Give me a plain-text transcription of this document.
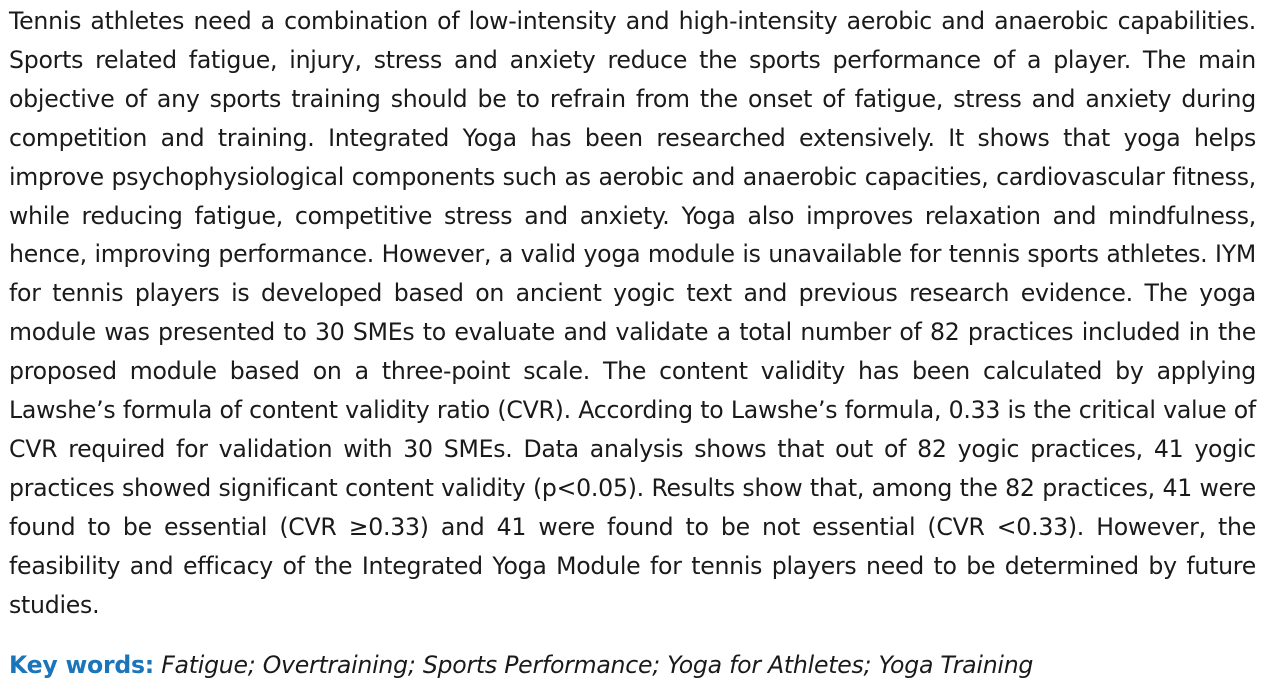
Tennis athletes need a combination of low-intensity and high-intensity aerobic and anaerobic capabilities. Sports related fatigue, injury, stress and anxiety reduce the sports performance of a player. The main objective of any sports training should be to refrain from the onset of fatigue, stress and anxiety during competition and training. Integrated Yoga has been researched extensively. It shows that yoga helps improve psychophysiological components such as aerobic and anaerobic capacities, cardiovascular fitness, while reducing fatigue, competitive stress and anxiety. Yoga also improves relaxation and mindfulness, hence, improving performance. However, a valid yoga module is unavailable for tennis sports athletes. IYM for tennis players is developed based on ancient yogic text and previous research evidence. The yoga module was presented to 30 SMEs to evaluate and validate a total number of 82 practices included in the proposed module based on a three-point scale. The content validity has been calculated by applying Lawshe’s formula of content validity ratio (CVR). According to Lawshe’s formula, 0.33 is the critical value of CVR required for validation with 30 SMEs. Data analysis shows that out of 82 yogic practices, 41 yogic practices showed significant content validity (p<0.05). Results show that, among the 82 practices, 41 were found to be essential (CVR ≥0.33) and 41 were found to be not essential (CVR <0.33). However, the feasibility and efficacy of the Integrated Yoga Module for tennis players need to be determined by future studies.

Key words: Fatigue; Overtraining; Sports Performance; Yoga for Athletes; Yoga Training
